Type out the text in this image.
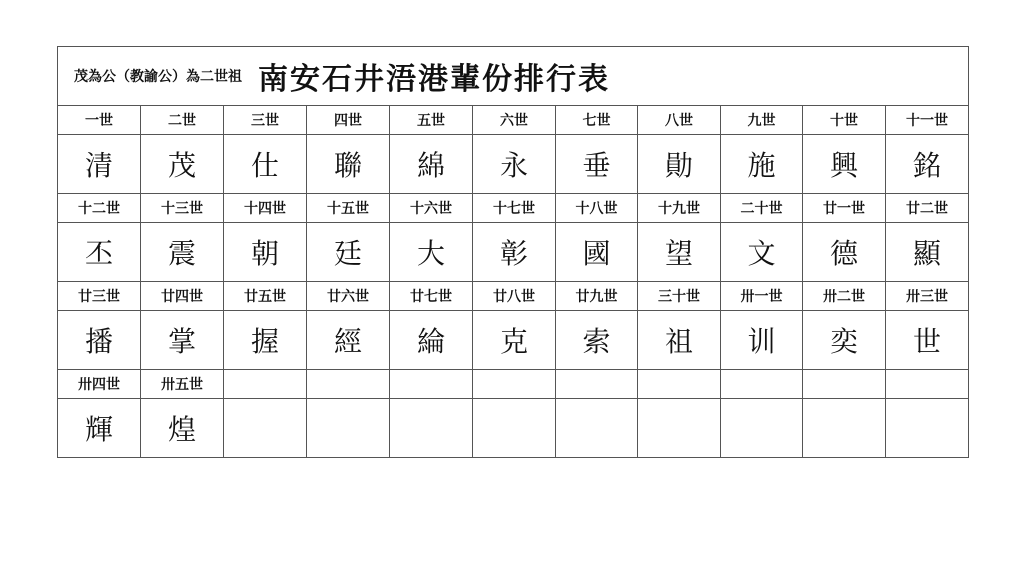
茂為公（教諭公）為二世祖 南安石井浯港輩份排行表										

一世	二世	三世	四世	五世	六世	七世	八世	九世	十世	十一世
清	茂	仕	聯	綿	永	垂	勛	施	興	銘
十二世	十三世	十四世	十五世	十六世	十七世	十八世	十九世	二十世	廿一世	廿二世
丕	震	朝	廷	大	彰	國	望	文	德	顯
廿三世	廿四世	廿五世	廿六世	廿七世	廿八世	廿九世	三十世	卅一世	卅二世	卅三世
播	掌	握	經	綸	克	索	祖	训	奕	世
卅四世	卅五世									
輝	煌									
